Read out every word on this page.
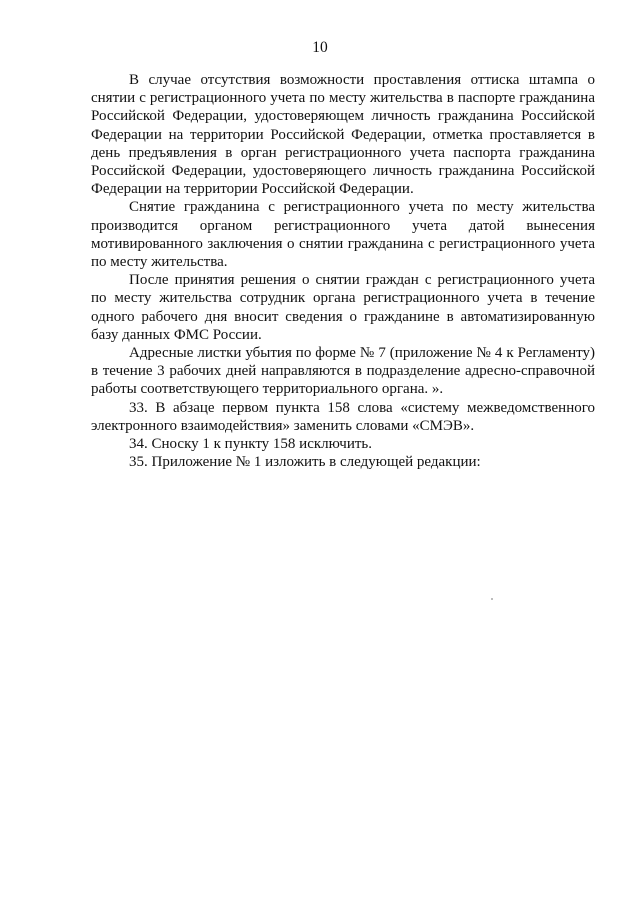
10

В случае отсутствия возможности проставления оттиска штампа о снятии с регистрационного учета по месту жительства в паспорте гражданина Российской Федерации, удостоверяющем личность гражданина Российской Федерации на территории Российской Федерации, отметка проставляется в день предъявления в орган регистрационного учета паспорта гражданина Российской Федерации, удостоверяющего личность гражданина Российской Федерации на территории Российской Федерации.

Снятие гражданина с регистрационного учета по месту жительства производится органом регистрационного учета датой вынесения мотивированного заключения о снятии гражданина с регистрационного учета по месту жительства.

После принятия решения о снятии граждан с регистрационного учета по месту жительства сотрудник органа регистрационного учета в течение одного рабочего дня вносит сведения о гражданине в автоматизированную базу данных ФМС России.

Адресные листки убытия по форме № 7 (приложение № 4 к Регламенту) в течение 3 рабочих дней направляются в подразделение адресно-справочной работы соответствующего территориального органа. ».

33. В абзаце первом пункта 158 слова «систему межведомственного электронного взаимодействия» заменить словами «СМЭВ».

34. Сноску 1 к пункту 158 исключить.

35. Приложение № 1 изложить в следующей редакции:
